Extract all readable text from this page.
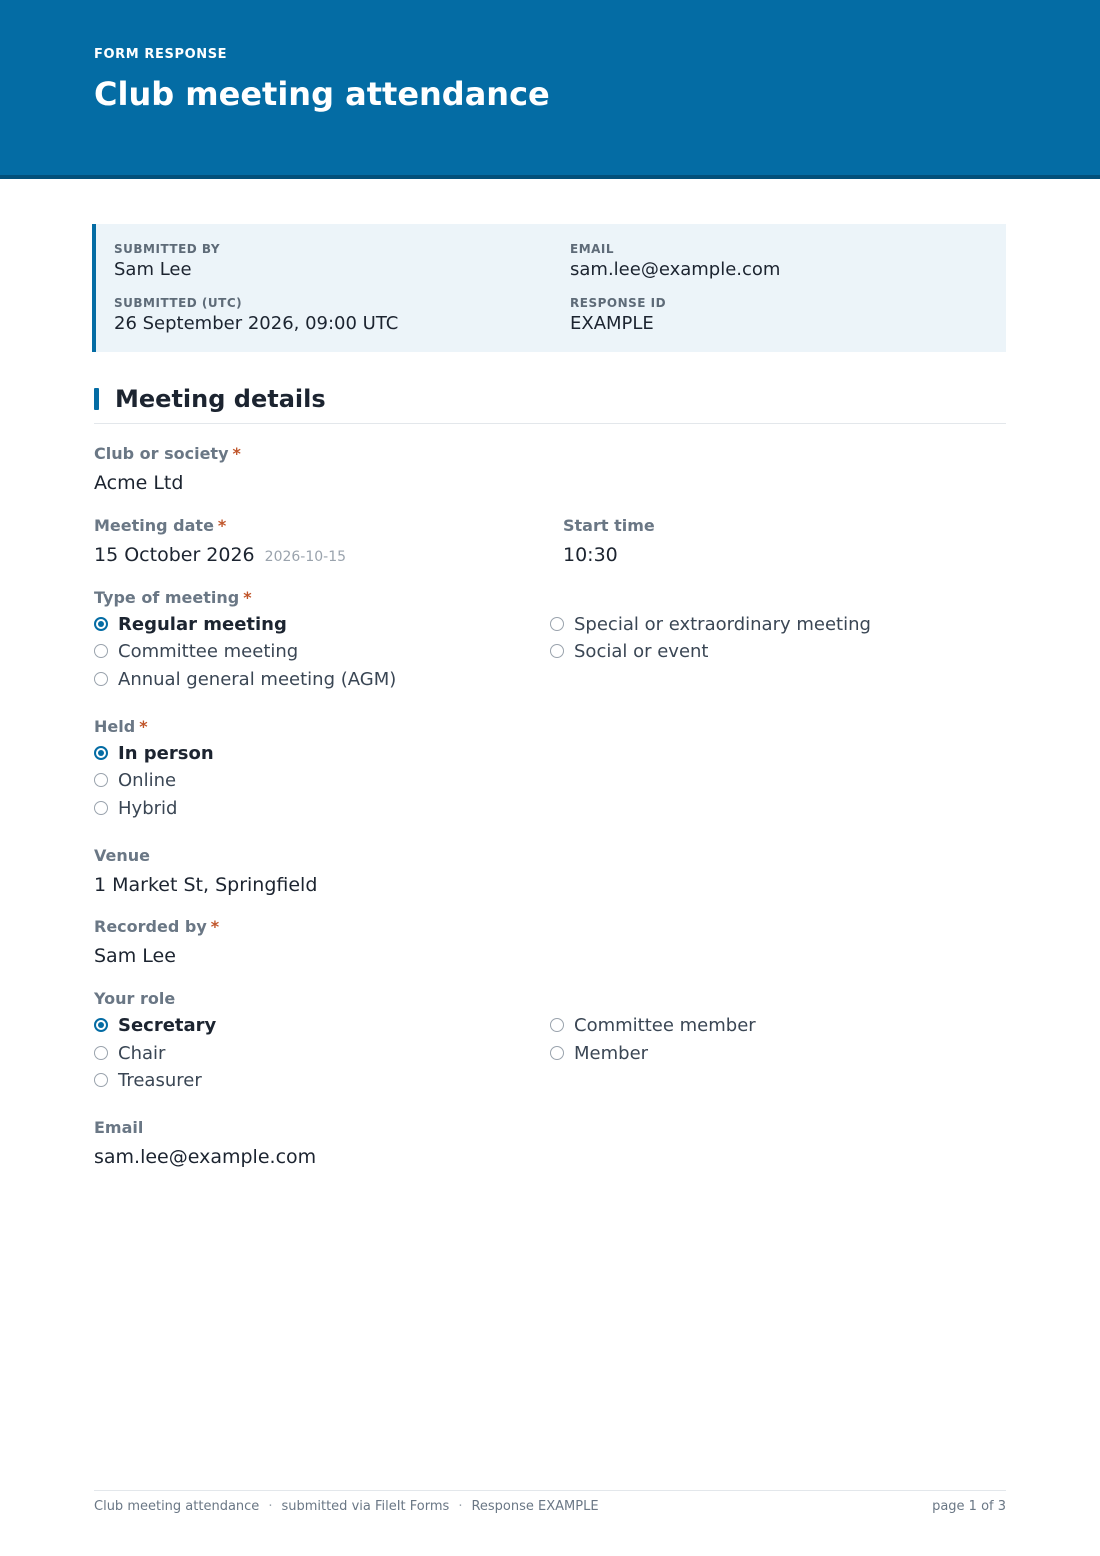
FORM RESPONSE
Club meeting attendance
SUBMITTED BY
Sam Lee
EMAIL
sam.lee@example.com
SUBMITTED (UTC)
26 September 2026, 09:00 UTC
RESPONSE ID
EXAMPLE
Meeting details
Club or society *
Acme Ltd
Meeting date *
15 October 2026 2026-10-15
Start time
10:30
Type of meeting *
Regular meeting
Committee meeting
Annual general meeting (AGM)
Special or extraordinary meeting
Social or event
Held *
In person
Online
Hybrid
Venue
1 Market St, Springfield
Recorded by *
Sam Lee
Your role
Secretary
Chair
Treasurer
Committee member
Member
Email
sam.lee@example.com
Club meeting attendance · submitted via FileIt Forms · Response EXAMPLE	page 1 of 3
